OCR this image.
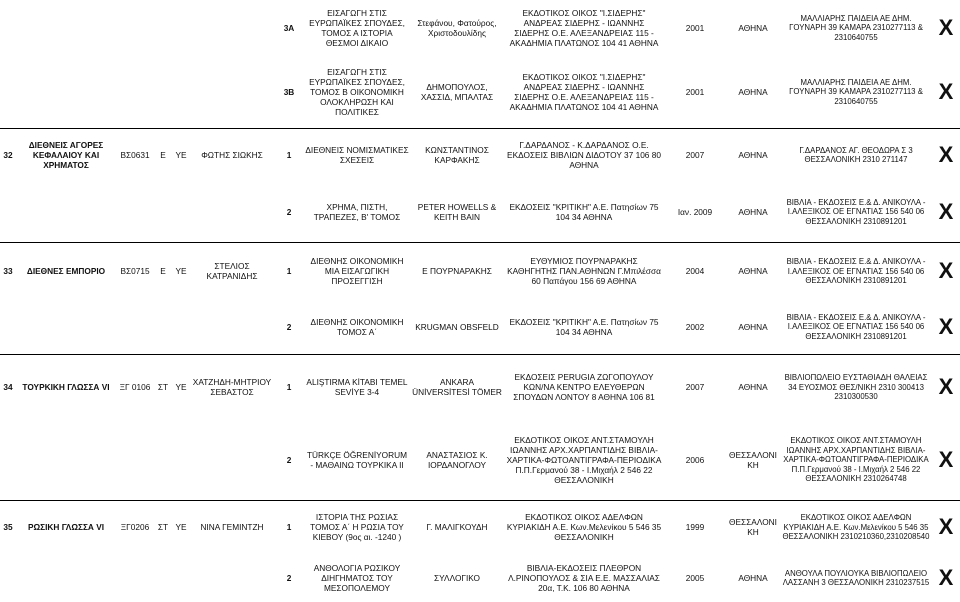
						3A	ΕΙΣΑΓΩΓΗ ΣΤΙΣ ΕΥΡΩΠΑΪΚΕΣ ΣΠΟΥΔΕΣ, ΤΟΜΟΣ Α ΙΣΤΟΡΙΑ ΘΕΣΜΟΙ ΔΙΚΑΙΟ	Στεφάνου, Φατούρος, Χριστοδουλίδης	ΕΚΔΟΤΙΚΟΣ ΟΙΚΟΣ "Ι.ΣΙΔΕΡΗΣ" ΑΝΔΡΕΑΣ ΣΙΔΕΡΗΣ - ΙΩΑΝΝΗΣ ΣΙΔΕΡΗΣ Ο.Ε. ΑΛΕΞΑΝΔΡΕΙΑΣ 115 - ΑΚΑΔΗΜΙΑ ΠΛΑΤΩΝΟΣ 104 41 ΑΘΗΝΑ	2001	ΑΘΗΝΑ	ΜΑΛΛΙΑΡΗΣ ΠΑΙΔΕΙΑ ΑΕ ΔΗΜ. ΓΟΥΝΑΡΗ 39 ΚΑΜΑΡΑ 2310277113 & 2310640755	X
						3B	ΕΙΣΑΓΩΓΗ ΣΤΙΣ ΕΥΡΩΠΑΪΚΕΣ ΣΠΟΥΔΕΣ, ΤΟΜΟΣ Β ΟΙΚΟΝΟΜΙΚΗ ΟΛΟΚΛΗΡΩΣΗ ΚΑΙ ΠΟΛΙΤΙΚΕΣ	ΔΗΜΟΠΟΥΛΟΣ, ΧΑΣΣΙΔ, ΜΠΑΛΤΑΣ	ΕΚΔΟΤΙΚΟΣ ΟΙΚΟΣ "Ι.ΣΙΔΕΡΗΣ" ΑΝΔΡΕΑΣ ΣΙΔΕΡΗΣ - ΙΩΑΝΝΗΣ ΣΙΔΕΡΗΣ Ο.Ε. ΑΛΕΞΑΝΔΡΕΙΑΣ 115 - ΑΚΑΔΗΜΙΑ ΠΛΑΤΩΝΟΣ 104 41 ΑΘΗΝΑ	2001	ΑΘΗΝΑ	ΜΑΛΛΙΑΡΗΣ ΠΑΙΔΕΙΑ ΑΕ ΔΗΜ. ΓΟΥΝΑΡΗ 39 ΚΑΜΑΡΑ 2310277113 & 2310640755	X
32	ΔΙΕΘΝΕΙΣ ΑΓΟΡΕΣ ΚΕΦΑΛΑΙΟΥ ΚΑΙ ΧΡΗΜΑΤΟΣ	ΒΣ0631	Ε	ΥΕ	ΦΩΤΗΣ ΣΙΩΚΗΣ	1	ΔΙΕΘΝΕΙΣ ΝΟΜΙΣΜΑΤΙΚΕΣ ΣΧΕΣΕΙΣ	ΚΩΝΣΤΑΝΤΙΝΟΣ ΚΑΡΦΑΚΗΣ	Γ.ΔΑΡΔΑΝΟΣ - Κ.ΔΑΡΔΑΝΟΣ Ο.Ε. ΕΚΔΟΣΕΙΣ ΒΙΒΛΙΩΝ ΔΙΔΟΤΟΥ 37 106 80 ΑΘΗΝΑ	2007	ΑΘΗΝΑ	Γ.ΔΑΡΔΑΝΟΣ ΑΓ. ΘΕΟΔΩΡΑ Σ 3 ΘΕΣΣΑΛΟΝΙΚΗ 2310 271147	X
						2	ΧΡΗΜΑ, ΠΙΣΤΗ, ΤΡΑΠΕΖΕΣ, Β' ΤΟΜΟΣ	PETER HOWELLS & KEITH BAIN	ΕΚΔΟΣΕΙΣ "ΚΡΙΤΙΚΗ" Α.Ε. Πατησίων 75 104 34 ΑΘΗΝΑ	Ιαν. 2009	ΑΘΗΝΑ	ΒΙΒΛΙΑ - ΕΚΔΟΣΕΙΣ Ε.& Δ. ΑΝΙΚΟΥΛΑ - Ι.ΑΛΕΞΙΚΟΣ ΟΕ ΕΓΝΑΤΙΑΣ 156 540 06 ΘΕΣΣΑΛΟΝΙΚΗ 2310891201	X
33	ΔΙΕΘΝΕΣ ΕΜΠΟΡΙΟ	ΒΣ0715	Ε	ΥΕ	ΣΤΕΛΙΟΣ ΚΑΤΡΑΝΙΔΗΣ	1	ΔΙΕΘΝΗΣ ΟΙΚΟΝΟΜΙΚΗ ΜΙΑ ΕΙΣΑΓΩΓΙΚΗ ΠΡΟΣΕΓΓΙΣΗ	Ε ΠΟΥΡΝΑΡΑΚΗΣ	ΕΥΘΥΜΙΟΣ ΠΟΥΡΝΑΡΑΚΗΣ ΚΑΘΗΓΗΤΗΣ ΠΑΝ.ΑΘΗΝΩΝ Γ.Μπιλέσσα 60 Παπάγου 156 69 ΑΘΗΝΑ	2004	ΑΘΗΝΑ	ΒΙΒΛΙΑ - ΕΚΔΟΣΕΙΣ Ε.& Δ. ΑΝΙΚΟΥΛΑ - Ι.ΑΛΕΞΙΚΟΣ ΟΕ ΕΓΝΑΤΙΑΣ 156 540 06 ΘΕΣΣΑΛΟΝΙΚΗ 2310891201	X
						2	ΔΙΕΘΝΗΣ ΟΙΚΟΝΟΜΙΚΗ ΤΟΜΟΣ Α΄	KRUGMAN OBSFELD	ΕΚΔΟΣΕΙΣ "ΚΡΙΤΙΚΗ" Α.Ε. Πατησίων 75 104 34 ΑΘΗΝΑ	2002	ΑΘΗΝΑ	ΒΙΒΛΙΑ - ΕΚΔΟΣΕΙΣ Ε.& Δ. ΑΝΙΚΟΥΛΑ - Ι.ΑΛΕΞΙΚΟΣ ΟΕ ΕΓΝΑΤΙΑΣ 156 540 06 ΘΕΣΣΑΛΟΝΙΚΗ 2310891201	X
34	ΤΟΥΡΚΙΚΗ ΓΛΩΣΣΑ VI	ΞΓ 0106	ΣΤ	ΥΕ	ΧΑΤΖΗΔΗ-ΜΗΤΡΙΟΥ ΣΕΒΑΣΤΟΣ	1	ALIŞTIRMA KİTABI TEMEL SEVİYE 3-4	ANKARA ÜNİVERSİTESİ TÖMER	ΕΚΔΟΣΕΙΣ PERUGIA ΖΩΓΟΠΟΥΛΟΥ ΚΩΝ/ΝΑ ΚΕΝΤΡΟ ΕΛΕΥΘΕΡΩΝ ΣΠΟΥΔΩΝ ΛΟΝΤΟΥ 8 ΑΘΗΝΑ 106 81	2007	ΑΘΗΝΑ	ΒΙΒΛΙΟΠΩΛΕΙΟ ΕΥΣΤΑΘΙΑΔΗ ΘΑΛΕΙΑΣ 34 ΕΥΟΣΜΟΣ ΘΕΣ/ΝΙΚΗ 2310 300413 2310300530	X
						2	TÜRKÇE ÖĞRENİYORUM - ΜΑΘΑΙΝΩ ΤΟΥΡΚΙΚΑ ΙΙ	ΑΝΑΣΤΑΣΙΟΣ Κ. ΙΟΡΔΑΝΟΓΛΟΥ	ΕΚΔΟΤΙΚΟΣ ΟΙΚΟΣ ΑΝΤ.ΣΤΑΜΟΥΛΗ ΙΩΑΝΝΗΣ ΑΡΧ.ΧΑΡΠΑΝΤΙΔΗΣ ΒΙΒΛΙΑ-ΧΑΡΤΙΚΑ-ΦΩΤΟΑΝΤΙΓΡΑΦΑ-ΠΕΡΙΟΔΙΚΑ Π.Π.Γερμανού 38 - Ι.Μιχαήλ 2 546 22 ΘΕΣΣΑΛΟΝΙΚΗ	2006	ΘΕΣΣΑΛΟΝΙΚΗ	ΕΚΔΟΤΙΚΟΣ ΟΙΚΟΣ ΑΝΤ.ΣΤΑΜΟΥΛΗ ΙΩΑΝΝΗΣ ΑΡΧ.ΧΑΡΠΑΝΤΙΔΗΣ ΒΙΒΛΙΑ-ΧΑΡΤΙΚΑ-ΦΩΤΟΑΝΤΙΓΡΑΦΑ-ΠΕΡΙΟΔΙΚΑ Π.Π.Γερμανού 38 - Ι.Μιχαήλ 2 546 22 ΘΕΣΣΑΛΟΝΙΚΗ 2310264748	X
35	ΡΩΣΙΚΗ ΓΛΩΣΣΑ VI	ΞΓ0206	ΣΤ	ΥΕ	ΝΙΝΑ ΓΕΜΙΝΤΖΗ	1	ΙΣΤΟΡΙΑ ΤΗΣ ΡΩΣΙΑΣ ΤΟΜΟΣ Α΄ Η ΡΩΣΙΑ ΤΟΥ ΚΙΕΒΟΥ (9ος αι. -1240 )	Γ. ΜΑΛΙΓΚΟΥΔΗ	ΕΚΔΟΤΙΚΟΣ ΟΙΚΟΣ ΑΔΕΛΦΩΝ ΚΥΡΙΑΚΙΔΗ Α.Ε. Κων.Μελενίκου 5 546 35 ΘΕΣΣΑΛΟΝΙΚΗ	1999	ΘΕΣΣΑΛΟΝΙΚΗ	ΕΚΔΟΤΙΚΟΣ ΟΙΚΟΣ ΑΔΕΛΦΩΝ ΚΥΡΙΑΚΙΔΗ Α.Ε. Κων.Μελενίκου 5 546 35 ΘΕΣΣΑΛΟΝΙΚΗ 2310210360,2310208540	X
						2	ΑΝΘΟΛΟΓΙΑ ΡΩΣΙΚΟΥ ΔΙΗΓΗΜΑΤΟΣ ΤΟΥ ΜΕΣΟΠΟΛΕΜΟΥ	ΣΥΛΛΟΓΙΚΟ	ΒΙΒΛΙΑ-ΕΚΔΟΣΕΙΣ ΠΛΕΘΡΟΝ Λ.ΡΙΝΟΠΟΥΛΟΣ & ΣΙΑ Ε.Ε. ΜΑΣΣΑΛΙΑΣ 20α, Τ.Κ. 106 80 ΑΘΗΝΑ	2005	ΑΘΗΝΑ	ΑΝΘΟΥΛΑ ΠΟΥΛΙΟΥΚΑ ΒΙΒΛΙΟΠΩΛΕΙΟ ΛΑΣΣΑΝΗ 3 ΘΕΣΣΑΛΟΝΙΚΗ 2310237515	X
